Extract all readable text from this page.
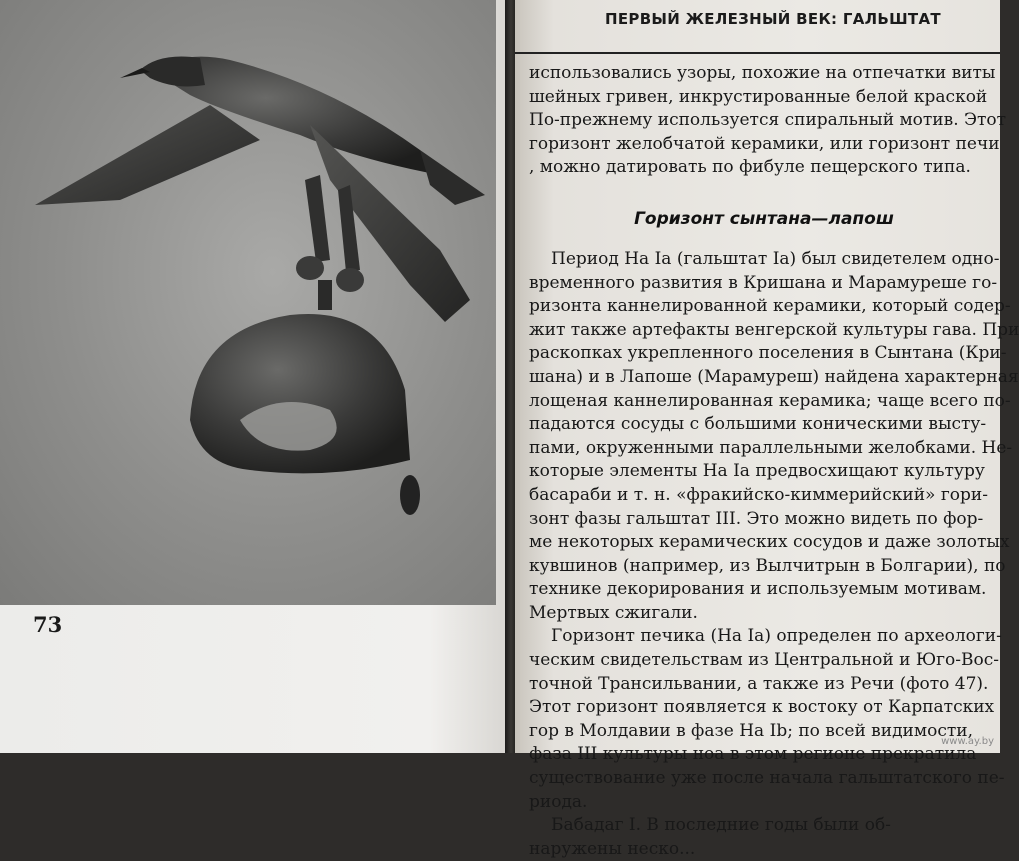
73
ПЕРВЫЙ ЖЕЛЕЗНЫЙ ВЕК: ГАЛЬШТАТ
использовались узоры, похожие на отпечатки виты
шейных гривен, инкрустированные белой краской
По-прежнему используется спиральный мотив. Этот
горизонт желобчатой керамики, или горизонт печи
, можно датировать по фибуле пещерского типа.
Горизонт сынтана—лапош
Период Ha Ia (гальштат Ia) был свидетелем одно-
временного развития в Кришана и Марамуреше го-
ризонта каннелированной керамики, который содер-
жит также артефакты венгерской культуры гава. При
раскопках укрепленного поселения в Сынтана (Кри-
шана) и в Лапоше (Марамуреш) найдена характерная
лощеная каннелированная керамика; чаще всего по-
падаются сосуды с большими коническими высту-
пами, окруженными параллельными желобками. Не-
которые элементы Ha Ia предвосхищают культуру
басараби и т. н. «фракийско-киммерийский» гори-
зонт фазы гальштат III. Это можно видеть по фор-
ме некоторых керамических сосудов и даже золотых
кувшинов (например, из Вылчитрын в Болгарии), по
технике декорирования и используемым мотивам.
Мертвых сжигали.
Горизонт печика (Ha Ia) определен по археологи-
ческим свидетельствам из Центральной и Юго-Вос-
точной Трансильвании, а также из Речи (фото 47).
Этот горизонт появляется к востоку от Карпатских
гор в Молдавии в фазе Ha Ib; по всей видимости,
фаза III культуры ноа в этом регионе прекратила
существование уже после начала гальштатского пе-
риода.
Бабадаг I. В последние годы были об-
наружены неско...
www.ay.by
